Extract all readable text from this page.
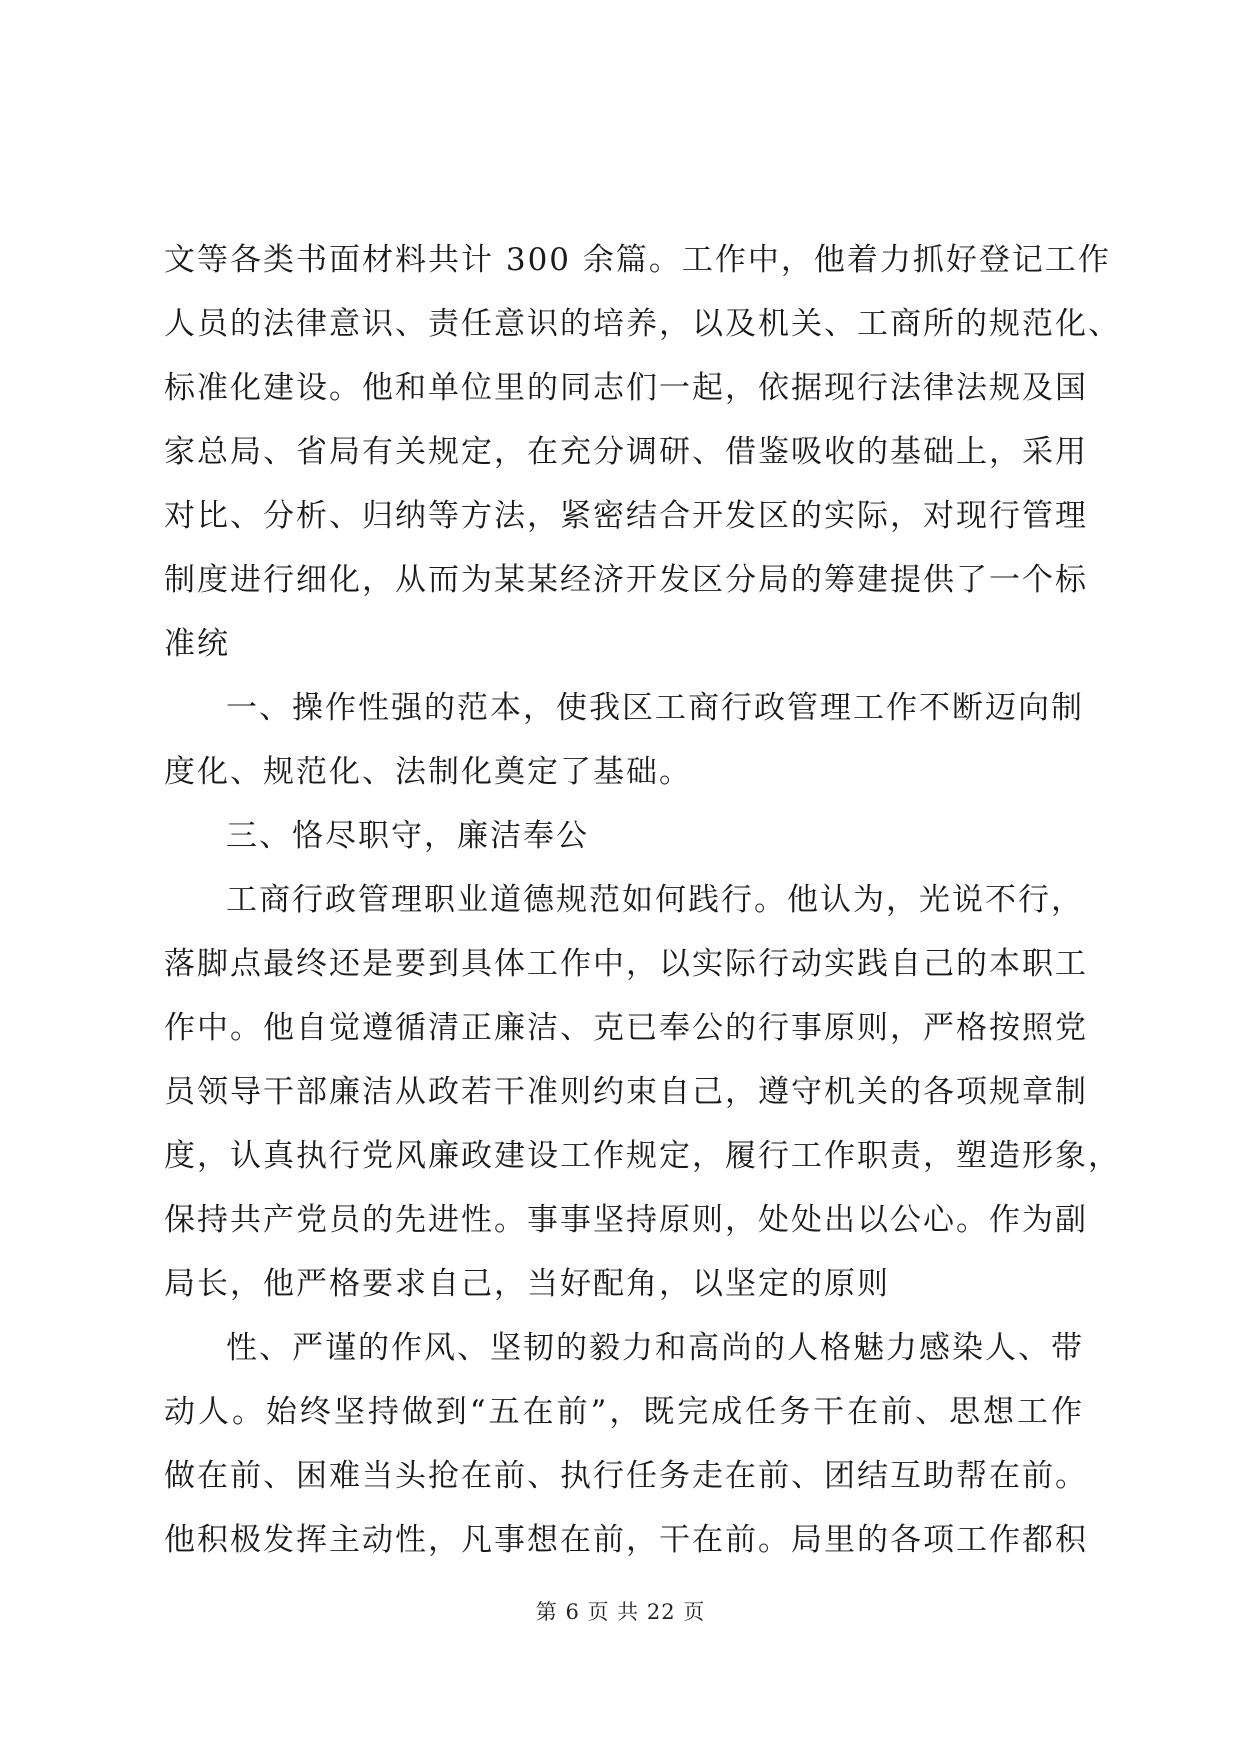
文等各类书面材料共计 300 余篇。工作中，他着力抓好登记工作
人员的法律意识、责任意识的培养，以及机关、工商所的规范化、
标准化建设。他和单位里的同志们一起，依据现行法律法规及国
家总局、省局有关规定，在充分调研、借鉴吸收的基础上，采用
对比、分析、归纳等方法，紧密结合开发区的实际，对现行管理
制度进行细化，从而为某某经济开发区分局的筹建提供了一个标
准统
一、操作性强的范本，使我区工商行政管理工作不断迈向制
度化、规范化、法制化奠定了基础。
三、恪尽职守，廉洁奉公
工商行政管理职业道德规范如何践行。他认为，光说不行，
落脚点最终还是要到具体工作中，以实际行动实践自己的本职工
作中。他自觉遵循清正廉洁、克已奉公的行事原则，严格按照党
员领导干部廉洁从政若干准则约束自己，遵守机关的各项规章制
度，认真执行党风廉政建设工作规定，履行工作职责，塑造形象，
保持共产党员的先进性。事事坚持原则，处处出以公心。作为副
局长，他严格要求自己，当好配角，以坚定的原则
性、严谨的作风、坚韧的毅力和高尚的人格魅力感染人、带
动人。始终坚持做到“五在前”，既完成任务干在前、思想工作
做在前、困难当头抢在前、执行任务走在前、团结互助帮在前。
他积极发挥主动性，凡事想在前，干在前。局里的各项工作都积
第 6 页 共 22 页
